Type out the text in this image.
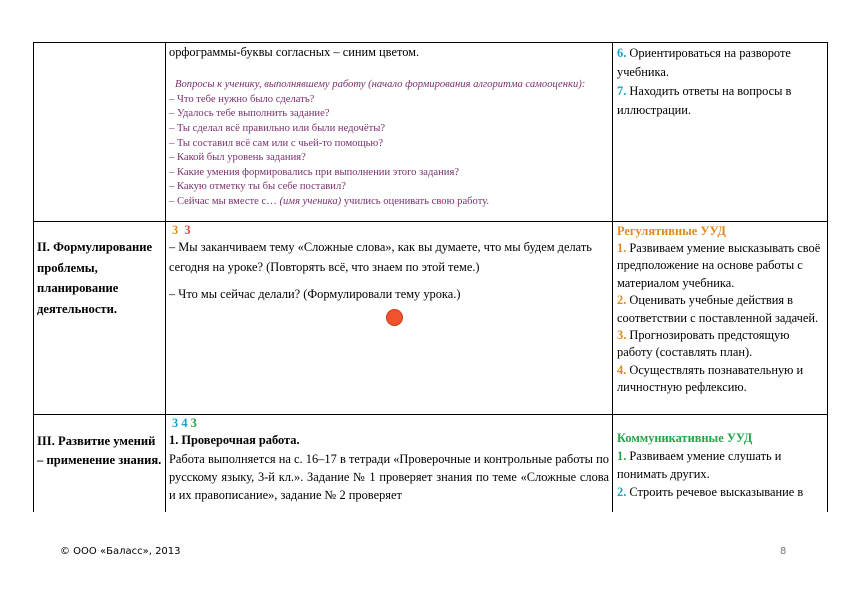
орфограммы-буквы согласных – синим цветом.

Вопросы к ученику, выполнявшему работу (начало формирования алгоритма самооценки):

– Что тебе нужно было сделать?

– Удалось тебе выполнить задание?

– Ты сделал всё правильно или были недочёты?

– Ты составил всё сам или с чьей-то помощью?

– Какой был уровень задания?

– Какие умения формировались при выполнении этого задания?

– Какую отметку ты бы себе поставил?

– Сейчас мы вместе с… (имя ученика) учились оценивать свою работу.

6. Ориентироваться на развороте учебника.

7. Находить ответы на вопросы в иллюстрации.

II. Формулирование проблемы, планирование деятельности.

3 3

– Мы заканчиваем тему «Сложные слова», как вы думаете, что мы будем делать сегодня на уроке? (Повторять всё, что знаем по этой теме.)

– Что мы сейчас делали? (Формулировали тему урока.)

Регулятивные УУД

1. Развиваем умение высказывать своё предположение на основе работы с материалом учебника.

2. Оценивать учебные действия в соответствии с поставленной задачей.

3. Прогнозировать предстоящую работу (составлять план).

4. Осуществлять познавательную и личностную рефлексию.

III. Развитие умений – применение знания.

3 4 3

1. Проверочная работа.

Работа выполняется на с. 16–17 в тетради «Проверочные и контрольные работы по русскому языку, 3-й кл.». Задание № 1 проверяет знания по теме «Сложные слова и их правописание», задание № 2 проверяет

Коммуникативные УУД

1. Развиваем умение слушать и понимать других.

2. Строить речевое высказывание в

© ООО «Баласс», 2013	8
